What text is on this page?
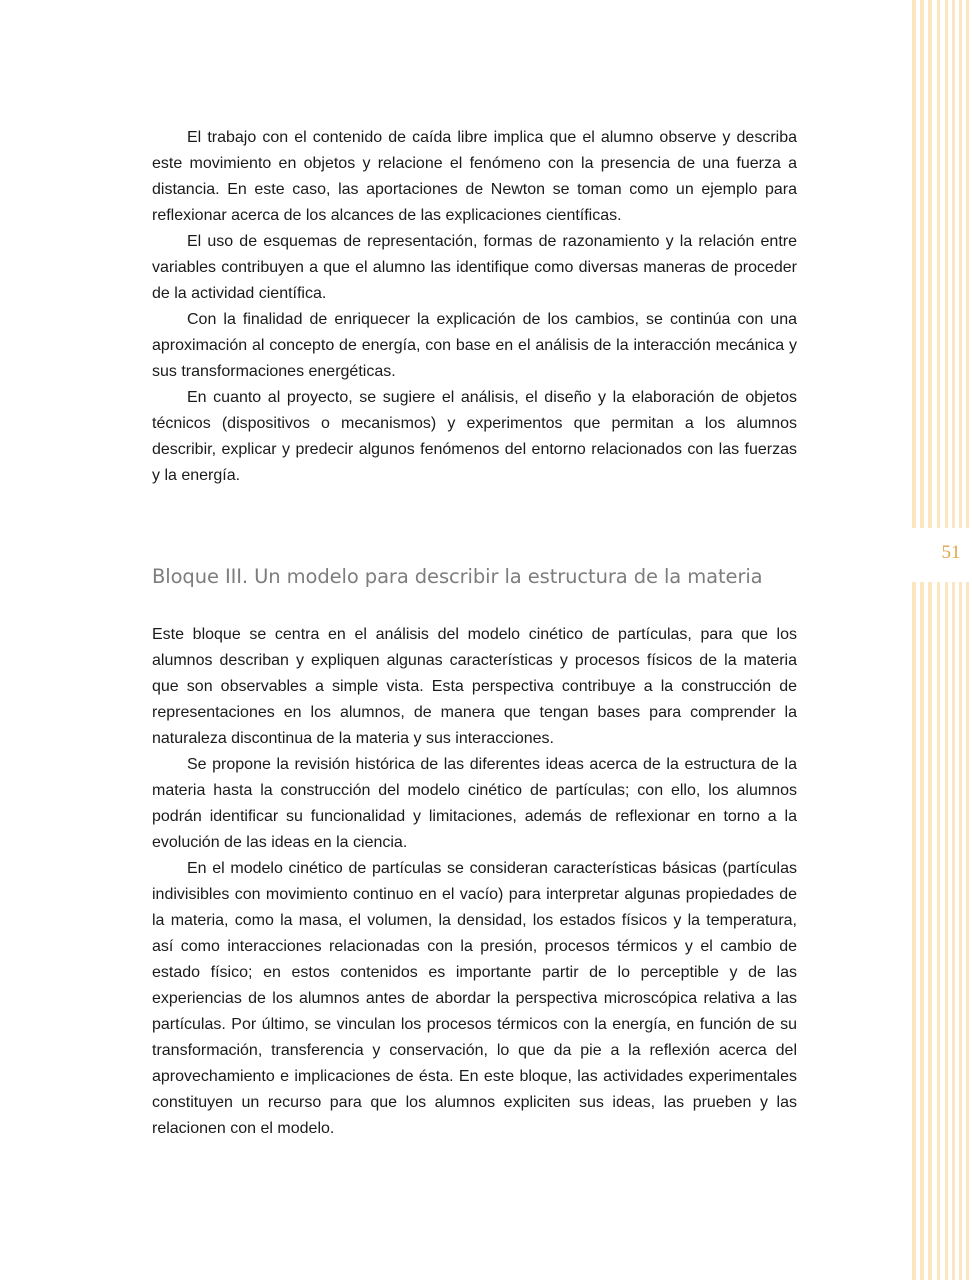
51

El trabajo con el contenido de caída libre implica que el alumno observe y describa este movimiento en objetos y relacione el fenómeno con la presencia de una fuerza a distancia. En este caso, las aportaciones de Newton se toman como un ejemplo para reflexionar acerca de los alcances de las explicaciones científicas.

El uso de esquemas de representación, formas de razonamiento y la relación entre variables contribuyen a que el alumno las identifique como diversas maneras de proceder de la actividad científica.

Con la finalidad de enriquecer la explicación de los cambios, se continúa con una aproximación al concepto de energía, con base en el análisis de la interacción mecánica y sus transformaciones energéticas.

En cuanto al proyecto, se sugiere el análisis, el diseño y la elaboración de objetos técnicos (dispositivos o mecanismos) y experimentos que permitan a los alumnos describir, explicar y predecir algunos fenómenos del entorno relacionados con las fuerzas y la energía.

Bloque III. Un modelo para describir la estructura de la materia

Este bloque se centra en el análisis del modelo cinético de partículas, para que los alumnos describan y expliquen algunas características y procesos físicos de la materia que son observables a simple vista. Esta perspectiva contribuye a la construcción de representaciones en los alumnos, de manera que tengan bases para comprender la naturaleza discontinua de la materia y sus interacciones.

Se propone la revisión histórica de las diferentes ideas acerca de la estructura de la materia hasta la construcción del modelo cinético de partículas; con ello, los alumnos podrán identificar su funcionalidad y limitaciones, además de reflexionar en torno a la evolución de las ideas en la ciencia.

En el modelo cinético de partículas se consideran características básicas (partículas indivisibles con movimiento continuo en el vacío) para interpretar algunas propiedades de la materia, como la masa, el volumen, la densidad, los estados físicos y la temperatura, así como interacciones relacionadas con la presión, procesos térmicos y el cambio de estado físico; en estos contenidos es importante partir de lo perceptible y de las experiencias de los alumnos antes de abordar la perspectiva microscópica relativa a las partículas. Por último, se vinculan los procesos térmicos con la energía, en función de su transformación, transferencia y conservación, lo que da pie a la reflexión acerca del aprovechamiento e implicaciones de ésta. En este bloque, las actividades experimentales constituyen un recurso para que los alumnos expliciten sus ideas, las prueben y las relacionen con el modelo.
